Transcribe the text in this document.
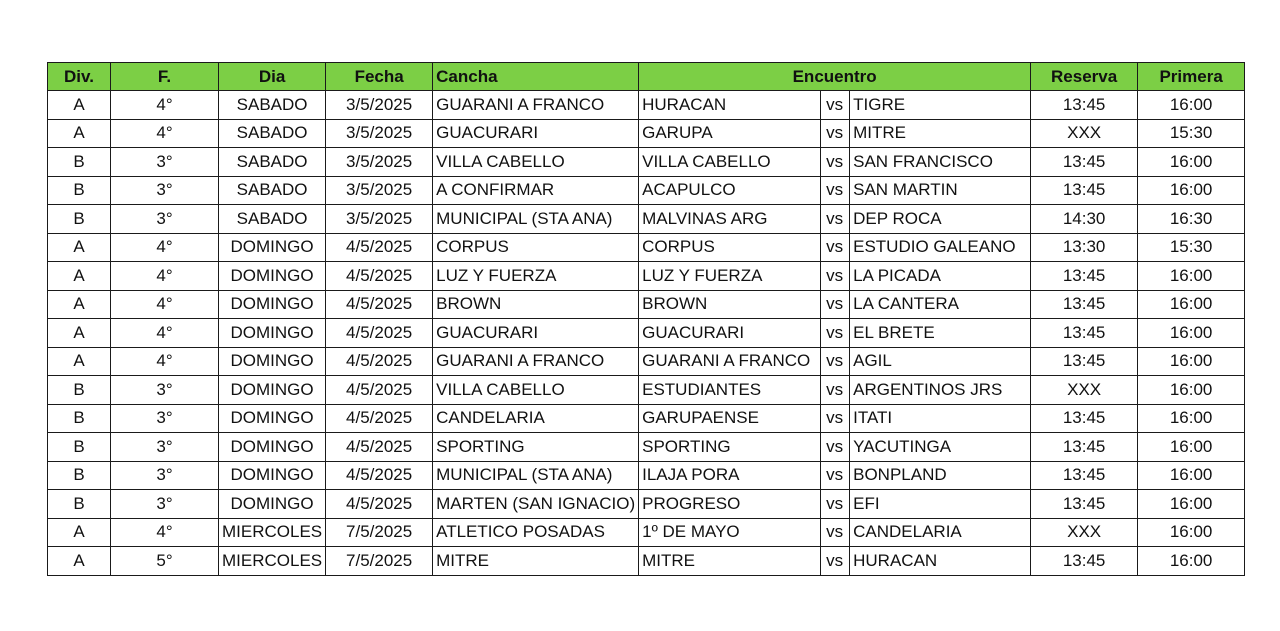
Div.	F.	Dia	Fecha	Cancha	Encuentro			Reserva	Primera
A	4°	SABADO	3/5/2025	GUARANI A FRANCO	HURACAN	vs	TIGRE	13:45	16:00
A	4°	SABADO	3/5/2025	GUACURARI	GARUPA	vs	MITRE	XXX	15:30
B	3°	SABADO	3/5/2025	VILLA CABELLO	VILLA CABELLO	vs	SAN FRANCISCO	13:45	16:00
B	3°	SABADO	3/5/2025	A CONFIRMAR	ACAPULCO	vs	SAN MARTIN	13:45	16:00
B	3°	SABADO	3/5/2025	MUNICIPAL (STA ANA)	MALVINAS ARG	vs	DEP ROCA	14:30	16:30
A	4°	DOMINGO	4/5/2025	CORPUS	CORPUS	vs	ESTUDIO GALEANO	13:30	15:30
A	4°	DOMINGO	4/5/2025	LUZ Y FUERZA	LUZ Y FUERZA	vs	LA PICADA	13:45	16:00
A	4°	DOMINGO	4/5/2025	BROWN	BROWN	vs	LA CANTERA	13:45	16:00
A	4°	DOMINGO	4/5/2025	GUACURARI	GUACURARI	vs	EL BRETE	13:45	16:00
A	4°	DOMINGO	4/5/2025	GUARANI A FRANCO	GUARANI A FRANCO	vs	AGIL	13:45	16:00
B	3°	DOMINGO	4/5/2025	VILLA CABELLO	ESTUDIANTES	vs	ARGENTINOS JRS	XXX	16:00
B	3°	DOMINGO	4/5/2025	CANDELARIA	GARUPAENSE	vs	ITATI	13:45	16:00
B	3°	DOMINGO	4/5/2025	SPORTING	SPORTING	vs	YACUTINGA	13:45	16:00
B	3°	DOMINGO	4/5/2025	MUNICIPAL (STA ANA)	ILAJA PORA	vs	BONPLAND	13:45	16:00
B	3°	DOMINGO	4/5/2025	MARTEN (SAN IGNACIO)	PROGRESO	vs	EFI	13:45	16:00
A	4°	MIERCOLES	7/5/2025	ATLETICO POSADAS	1º DE MAYO	vs	CANDELARIA	XXX	16:00
A	5°	MIERCOLES	7/5/2025	MITRE	MITRE	vs	HURACAN	13:45	16:00
